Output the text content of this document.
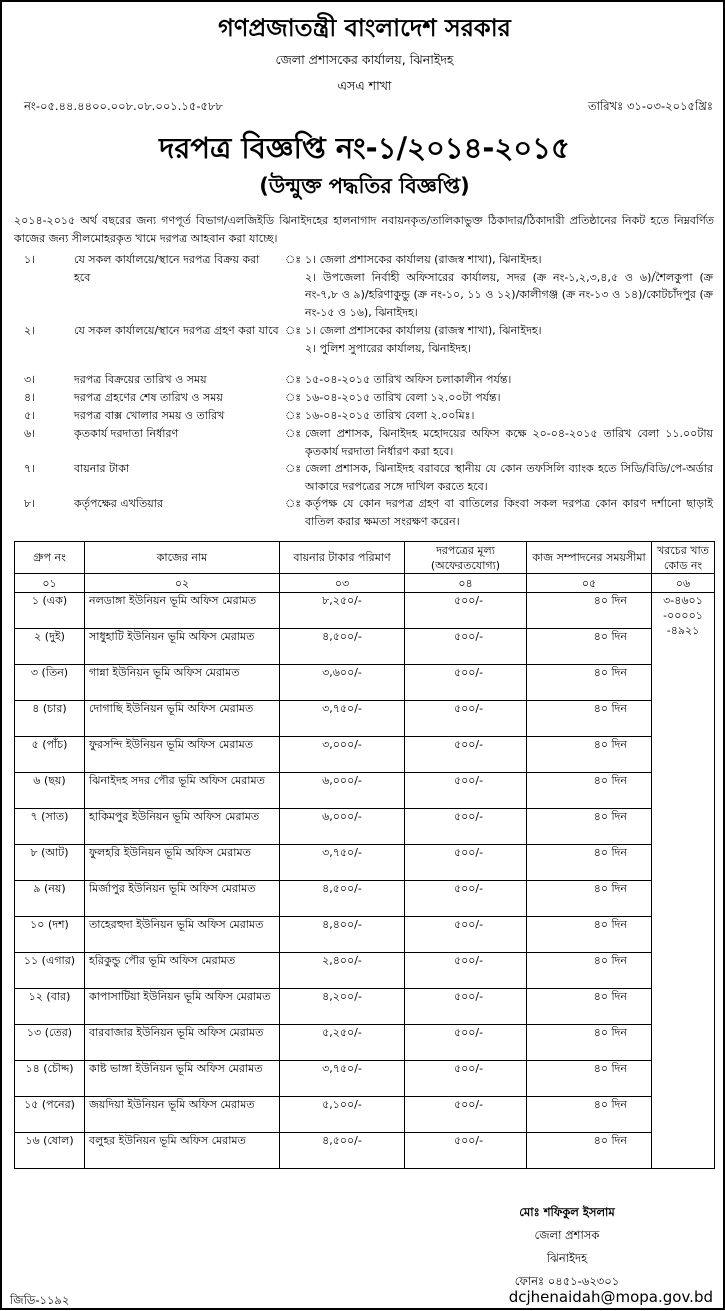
গণপ্রজাতন্ত্রী বাংলাদেশ সরকার
জেলা প্রশাসকের কার্যালয়, ঝিনাইদহ
এসএ শাখা
নং-০৫.৪৪.৪৪০০.০০৮.০৮.০০১.১৫-৫৮৮	তারিখঃ ৩১-০৩-২০১৫খ্রিঃ
দরপত্র বিজ্ঞপ্তি নং-১/২০১৪-২০১৫
(উন্মুক্ত পদ্ধতির বিজ্ঞপ্তি)
২০১৪-২০১৫ অর্থ বছরের জন্য গণপূর্ত বিভাগ/এলজিইডি ঝিনাইদহের হালনাগাদ নবায়নকৃত/তালিকাভুক্ত ঠিকাদার/ঠিকাদারী প্রতিষ্ঠানের নিকট হতে নিম্নবর্ণিত কাজের জন্য সীলমোহরকৃত খামে দরপত্র আহবান করা যাচ্ছে।
১।	যে সকল কার্যালয়ে/স্থানে দরপত্র বিক্রয় করা হবে
ঃ ১। জেলা প্রশাসকের কার্যালয় (রাজস্ব শাখা), ঝিনাইদহ।
২। উপজেলা নির্বাহী অফিসারের কার্যালয়, সদর (ক্র নং-১,২,৩,৪,৫ ও ৬)/শৈলকুপা (ক্র নং-৭,৮ ও ৯)/হরিণাকুন্ডু (ক্র নং-১০, ১১ ও ১২)/কালীগঞ্জ (ক্র নং-১৩ ও ১৪)/কোটচাঁদপুর (ক্র নং-১৫ ও ১৬), ঝিনাইদহ।
২।	যে সকল কার্যালয়ে/স্থানে দরপত্র গ্রহণ করা যাবে ঃ ১। জেলা প্রশাসকের কার্যালয় (রাজস্ব শাখা), ঝিনাইদহ।
২। পুলিশ সুপারের কার্যালয়, ঝিনাইদহ।
৩।	দরপত্র বিক্রয়ের তারিখ ও সময়	ঃ ১৫-০৪-২০১৫ তারিখ অফিস চলাকালীন পর্যন্ত।
৪।	দরপত্র গ্রহণের শেষ তারিখ ও সময়	ঃ ১৬-০৪-২০১৫ তারিখ বেলা ১২.০০টা পর্যন্ত।
৫।	দরপত্র বাক্স খোলার সময় ও তারিখ	ঃ ১৬-০৪-২০১৫ তারিখ বেলা ২.০০মিঃ।
৬।	কৃতকার্য দরদাতা নির্ধারণ	ঃ জেলা প্রশাসক, ঝিনাইদহ মহোদয়ের অফিস কক্ষে ২০-০৪-২০১৫ তারিখ বেলা ১১.০০টায় কৃতকার্য দরদাতা নির্ধারণ করা হবে।
৭।	বায়নার টাকা	ঃ জেলা প্রশাসক, ঝিনাইদহ বরাবরে স্থানীয় যে কোন তফসিলি ব্যাংক হতে সিডি/বিডি/পে-অর্ডার আকারে দরপত্রের সঙ্গে দাখিল করতে হবে।
৮।	কর্তৃপক্ষের এখতিয়ার	ঃ কর্তৃপক্ষ যে কোন দরপত্র গ্রহণ বা বাতিলের কিংবা সকল দরপত্র কোন কারণ দর্শানো ছাড়াই বাতিল করার ক্ষমতা সংরক্ষণ করেন।
গ্রুপ নং	কাজের নাম	বায়নার টাকার পরিমাণ	দরপত্রের মূল্য (অফেরতযোগ্য)	কাজ সম্পাদনের সময়সীমা	খরচের খাত কোড নং
০১	০২	০৩	০৪	০৫	০৬
১ (এক)	নলডাঙ্গা ইউনিয়ন ভূমি অফিস মেরামত	৮,২৫০/-	৫০০/-	৪০ দিন	৩-৪৬০১
-০০০০১
-৪৯২১

২ (দুই)	সাধুহাটি ইউনিয়ন ভূমি অফিস মেরামত	৪,৫০০/-	৫০০/-	৪০ দিন	
৩ (তিন)	গান্না ইউনিয়ন ভূমি অফিস মেরামত	৩,৬০০/-	৫০০/-	৪০ দিন	
৪ (চার)	দোগাছি ইউনিয়ন ভূমি অফিস মেরামত	৩,৭৫০/-	৫০০/-	৪০ দিন	
৫ (পাঁচ)	ফুরসন্দি ইউনিয়ন ভূমি অফিস মেরামত	৩,০০০/-	৫০০/-	৪০ দিন	
৬ (ছয়)	ঝিনাইদহ সদর পৌর ভূমি অফিস মেরামত	৬,০০০/-	৫০০/-	৪০ দিন	
৭ (সাত)	হাকিমপুর ইউনিয়ন ভূমি অফিস মেরামত	৬,০০০/-	৫০০/-	৪০ দিন	
৮ (আট)	ফুলহরি ইউনিয়ন ভূমি অফিস মেরামত	৩,৭৫০/-	৫০০/-	৪০ দিন	
৯ (নয়)	মির্জাপুর ইউনিয়ন ভূমি অফিস মেরামত	৪,৫০০/-	৫০০/-	৪০ দিন	
১০ (দশ)	তাহেরহুদা ইউনিয়ন ভূমি অফিস মেরামত	৪,৪০০/-	৫০০/-	৪০ দিন	
১১ (এগার)	হরিকুন্ডু পৌর ভূমি অফিস মেরামত	২,৪০০/-	৫০০/-	৪০ দিন	
১২ (বার)	কাপাসাটিয়া ইউনিয়ন ভূমি অফিস মেরামত	৪,২০০/-	৫০০/-	৪০ দিন	
১৩ (তের)	বারবাজার ইউনিয়ন ভূমি অফিস মেরামত	৫,২৫০/-	৫০০/-	৪০ দিন	
১৪ (চৌদ্দ)	কাষ্ট ভাঙ্গা ইউনিয়ন ভূমি অফিস মেরামত	৩,৭৫০/-	৫০০/-	৪০ দিন	
১৫ (পনের)	জয়দিয়া ইউনিয়ন ভূমি অফিস মেরামত	৫,১০০/-	৫০০/-	৪০ দিন	
১৬ (ষোল)	বলুহর ইউনিয়ন ভূমি অফিস মেরামত	৪,৫০০/-	৫০০/-	৪০ দিন	
মোঃ শফিকুল ইসলাম
জেলা প্রশাসক
ঝিনাইদহ
ফোনঃ ০৪৫১-৬২৩০১
জিডি-১১৯২	dcjhenaidah@mopa.gov.bd
